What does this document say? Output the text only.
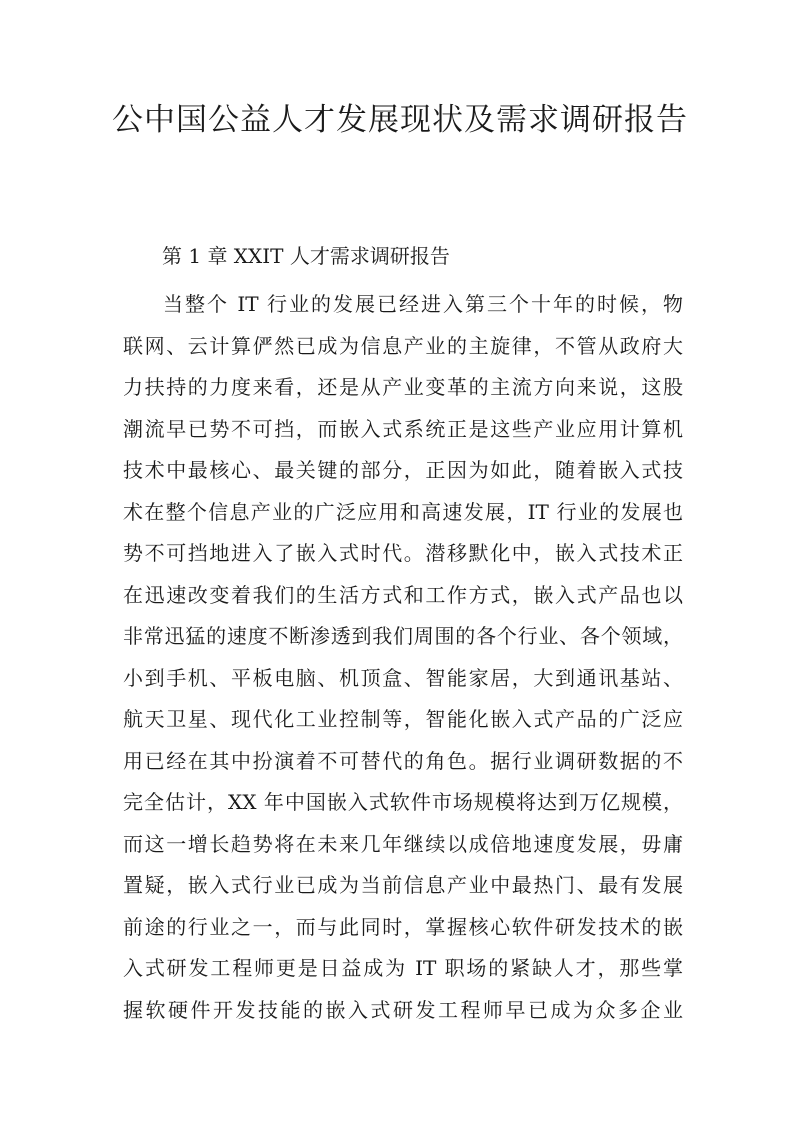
公中国公益人才发展现状及需求调研报告

第 1 章 XXIT 人才需求调研报告

当整个 IT 行业的发展已经进入第三个十年的时候，物
联网、云计算俨然已成为信息产业的主旋律，不管从政府大
力扶持的力度来看，还是从产业变革的主流方向来说，这股
潮流早已势不可挡，而嵌入式系统正是这些产业应用计算机
技术中最核心、最关键的部分，正因为如此，随着嵌入式技
术在整个信息产业的广泛应用和高速发展，IT 行业的发展也
势不可挡地进入了嵌入式时代。潜移默化中，嵌入式技术正
在迅速改变着我们的生活方式和工作方式，嵌入式产品也以
非常迅猛的速度不断渗透到我们周围的各个行业、各个领域，
小到手机、平板电脑、机顶盒、智能家居，大到通讯基站、
航天卫星、现代化工业控制等，智能化嵌入式产品的广泛应
用已经在其中扮演着不可替代的角色。据行业调研数据的不
完全估计，XX 年中国嵌入式软件市场规模将达到万亿规模，
而这一增长趋势将在未来几年继续以成倍地速度发展，毋庸
置疑，嵌入式行业已成为当前信息产业中最热门、最有发展
前途的行业之一，而与此同时，掌握核心软件研发技术的嵌
入式研发工程师更是日益成为 IT 职场的紧缺人才，那些掌
握软硬件开发技能的嵌入式研发工程师早已成为众多企业
